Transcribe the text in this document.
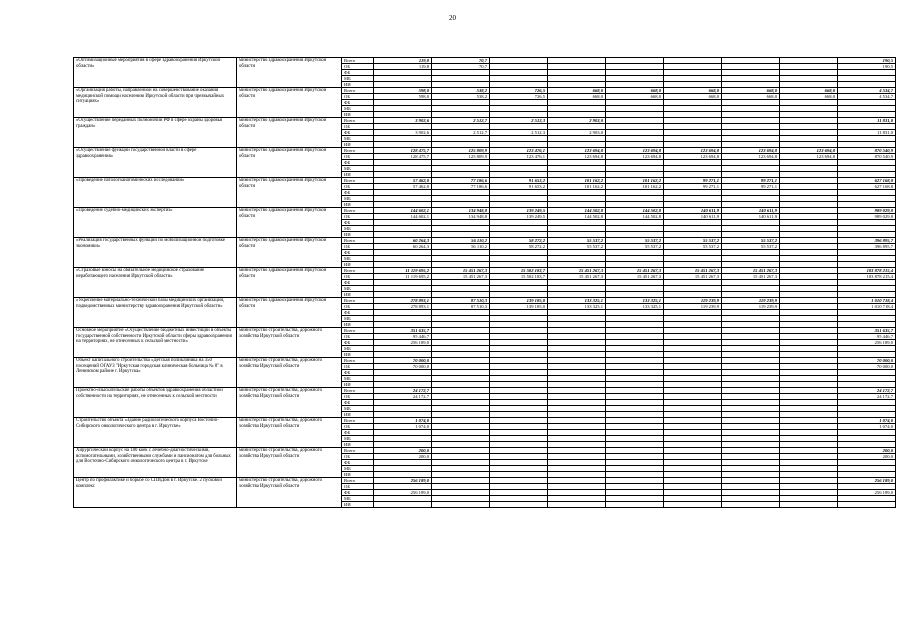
20
«Оптимизационные мероприятия в сфере здравоохранения Иркутской области»	министерство здравоохранения Иркутской области	Всего	119,8	70,7							190,5
		ОБ	119,8	70,7							190,5
		ФБ									
		МБ									
		ИИ									
«Организация работы, направленной на совершенствование оказания медицинской помощи населению Иркутской области при чрезвычайных ситуациях»	министерство здравоохранения Иркутской области	Всего	598,0	538,2	726,5	668,0	668,0	668,0	668,0	668,0	4 534,7
		ОБ	598,0	538,2	726,5	668,0	668,0	668,0	668,0	668,0	4 534,7
		ФБ									
		МБ									
		ИИ									
«Осуществление переданных полномочий РФ в сфере охраны здоровья граждан»	министерство здравоохранения Иркутской области	Всего	3 902,6	2 512,7	2 512,3	2 903,0					11 831,0
		ОБ									
		ФБ	3 902,6	2 512,7	2 512,3	2 903,0					11 831,0
		МБ									
		ИИ									
«Осуществление функций государственной власти в сфере здравоохранения»	министерство здравоохранения Иркутской области	Всего	128 475,7	125 809,9	123 476,1	123 694,8	123 694,8	123 694,8	123 694,8	123 694,8	870 540,9
		ОБ	128 475,7	125 809,9	123 476,1	123 694,8	123 694,8	123 694,8	123 694,8	123 694,8	870 540,9
		ФБ									
		МБ									
		ИИ									
«Проведение патологоанатомических исследований»	министерство здравоохранения Иркутской области	Всего	57 462,0	77 186,6	91 653,2	101 162,2	101 162,2	99 271,1	99 271,1		627 168,8
		ОБ	57 462,0	77 186,6	91 653,2	101 162,2	101 162,2	99 271,1	99 271,1		627 168,8
		ФБ									
		МБ									
		ИИ									
«Проведение судебно-медицинских экспертиз»	министерство здравоохранения Иркутской области	Всего	144 602,1	134 948,8	139 249,5	144 502,8	144 502,8	140 611,9	140 611,9		989 029,8
		ОБ	144 602,1	134 948,8	139 249,5	144 502,8	144 502,8	140 611,9	140 611,9		989 029,8
		ФБ									
		МБ									
		ИИ									
«Реализация государственных функций по мобилизационной подготовке экономики»	министерство здравоохранения Иркутской области	Всего	60 264,3	56 110,2	58 272,2	55 537,2	55 537,2	55 537,2	55 537,2		396 895,7
		ОБ	60 264,3	56 110,2	58 272,2	55 537,2	55 537,2	55 537,2	55 537,2		396 895,7
		ФБ									
		МБ									
		ИИ									
«Страховые взносы на обязательное медицинское страхование неработающего населения Иркутской области»	министерство здравоохранения Иркутской области	Всего	11 119 695,2	15 451 267,3	15 502 183,7	15 451 267,3	15 451 267,3	15 451 267,3	15 451 267,3		103 878 215,4
		ОБ	11 119 695,2	15 451 267,3	15 502 183,7	15 451 267,3	15 451 267,3	15 451 267,3	15 451 267,3		103 878 215,4
		ФБ									
		МБ									
		ИИ									
«Укрепление материально-технической базы медицинских организаций, подведомственных министерству здравоохранения Иркутской области»	министерство здравоохранения Иркутской области	Всего	278 893,1	87 510,3	139 185,0	133 325,1	133 325,1	119 239,9	119 239,9		1 010 718,4
		ОБ	278 893,1	87 510,3	139 185,0	133 325,1	133 325,1	119 239,9	119 239,9		1 010 718,4
		ФБ									
		МБ									
		ИИ									
Основное мероприятие «Осуществление бюджетных инвестиций в объекты государственной собственности Иркутской области сферы здравоохранения на территориях, не отнесенных к сельской местности»	министерство строительства, дорожного хозяйства Иркутской области	Всего	351 635,7								351 635,7
		ОБ	95 446,7								95 446,7
		ФБ	256 189,0								256 189,0
		МБ									
		ИИ									
Объект капитального строительства «Детская поликлиника на 350 посещений ОГАУЗ "Иркутская городская клиническая больница № 8" в Ленинском районе г. Иркутска»	министерство строительства, дорожного хозяйства Иркутской области	Всего	70 000,0								70 000,0
		ОБ	70 000,0								70 000,0
		ФБ									
		МБ									
		ИИ									
Проектно-изыскательские работы объектов здравоохранения областной собственности на территориях, не отнесенных к сельской местности	министерство строительства, дорожного хозяйства Иркутской области	Всего	24 172,7								24 172,7
		ОБ	24 172,7								24 172,7
		ФБ									
		МБ									
		ИИ									
Строительство объекта «Здание радиологического корпуса Восточно-Сибирского онкологического центра в г. Иркутске»	министерство строительства, дорожного хозяйства Иркутской области	Всего	1 074,0								1 074,0
		ОБ	1 074,0								1 074,0
		ФБ									
		МБ									
		ИИ									
Хирургический корпус на 180 коек с лечебно-диагностическими, вспомогательными, хозяйственными службами и пансионатом для больных для Восточно-Сибирского онкологического центра в г. Иркутске	министерство строительства, дорожного хозяйства Иркутской области	Всего	200,0								200,0
		ОБ	200,0								200,0
		ФБ									
		МБ									
		ИИ									
Центр по профилактике и борьбе со СПИДом в г. Иркутске. 2 пусковой комплекс	министерство строительства, дорожного хозяйства Иркутской области	Всего	256 189,0								256 189,0
		ОБ									
		ФБ	256 189,0								256 189,0
		МБ									
		ИИ									
